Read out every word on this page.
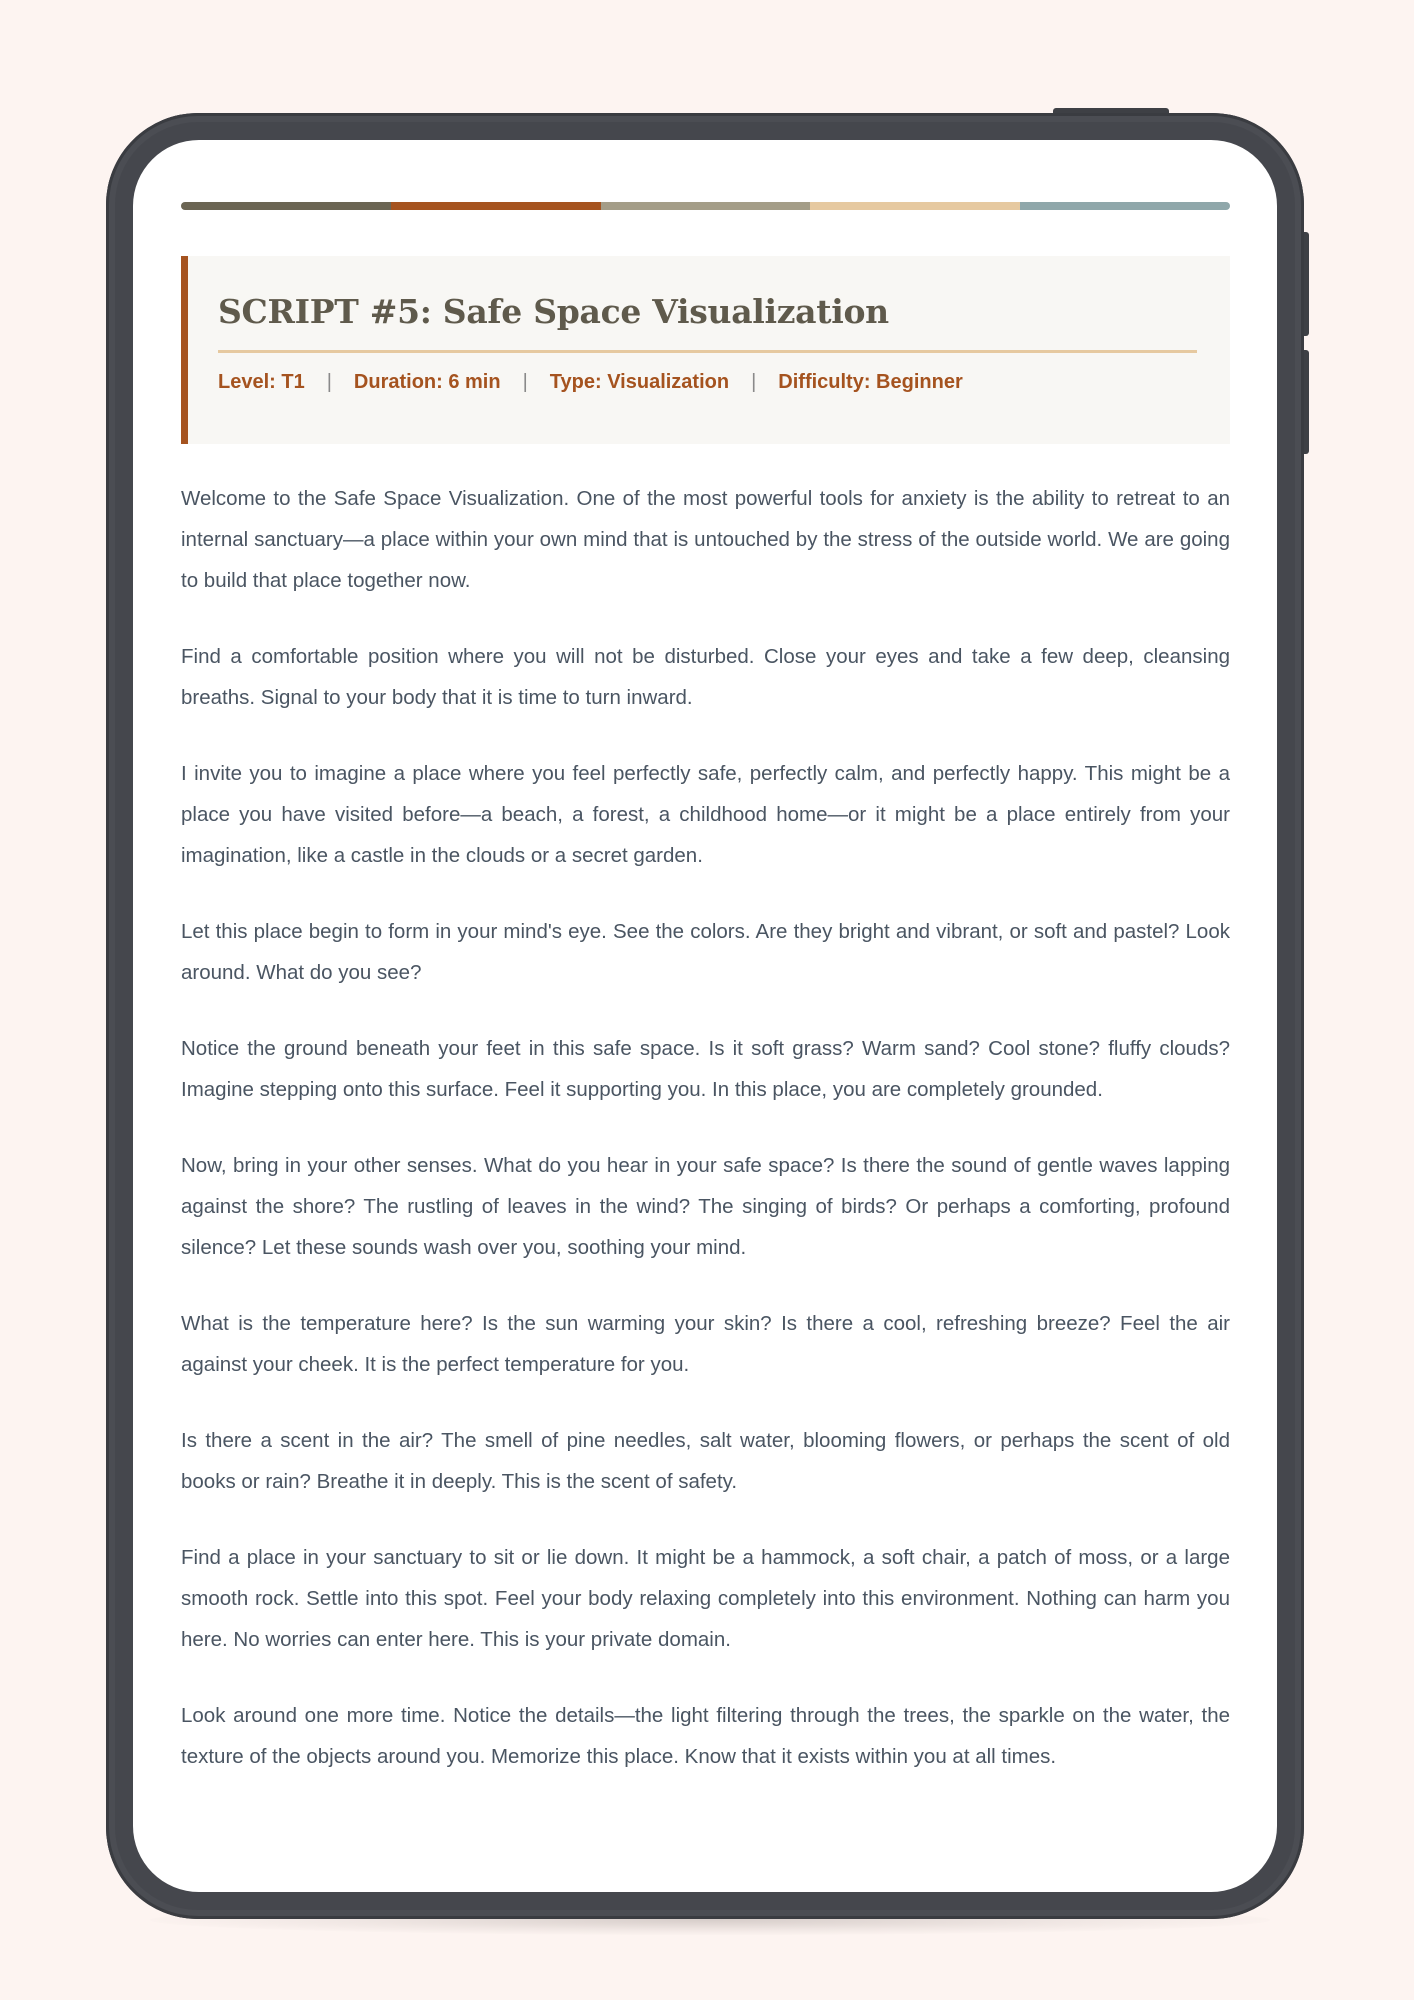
SCRIPT #5: Safe Space Visualization
Level: T1 | Duration: 6 min | Type: Visualization | Difficulty: Beginner

Welcome to the Safe Space Visualization. One of the most powerful tools for anxiety is the ability to retreat to an internal sanctuary—a place within your own mind that is untouched by the stress of the outside world. We are going to build that place together now.

Find a comfortable position where you will not be disturbed. Close your eyes and take a few deep, cleansing breaths. Signal to your body that it is time to turn inward.

I invite you to imagine a place where you feel perfectly safe, perfectly calm, and perfectly happy. This might be a place you have visited before—a beach, a forest, a childhood home—or it might be a place entirely from your imagination, like a castle in the clouds or a secret garden.

Let this place begin to form in your mind's eye. See the colors. Are they bright and vibrant, or soft and pastel? Look around. What do you see?

Notice the ground beneath your feet in this safe space. Is it soft grass? Warm sand? Cool stone? fluffy clouds? Imagine stepping onto this surface. Feel it supporting you. In this place, you are completely grounded.

Now, bring in your other senses. What do you hear in your safe space? Is there the sound of gentle waves lapping against the shore? The rustling of leaves in the wind? The singing of birds? Or perhaps a comforting, profound silence? Let these sounds wash over you, soothing your mind.

What is the temperature here? Is the sun warming your skin? Is there a cool, refreshing breeze? Feel the air against your cheek. It is the perfect temperature for you.

Is there a scent in the air? The smell of pine needles, salt water, blooming flowers, or perhaps the scent of old books or rain? Breathe it in deeply. This is the scent of safety.

Find a place in your sanctuary to sit or lie down. It might be a hammock, a soft chair, a patch of moss, or a large smooth rock. Settle into this spot. Feel your body relaxing completely into this environment. Nothing can harm you here. No worries can enter here. This is your private domain.

Look around one more time. Notice the details—the light filtering through the trees, the sparkle on the water, the texture of the objects around you. Memorize this place. Know that it exists within you at all times.
